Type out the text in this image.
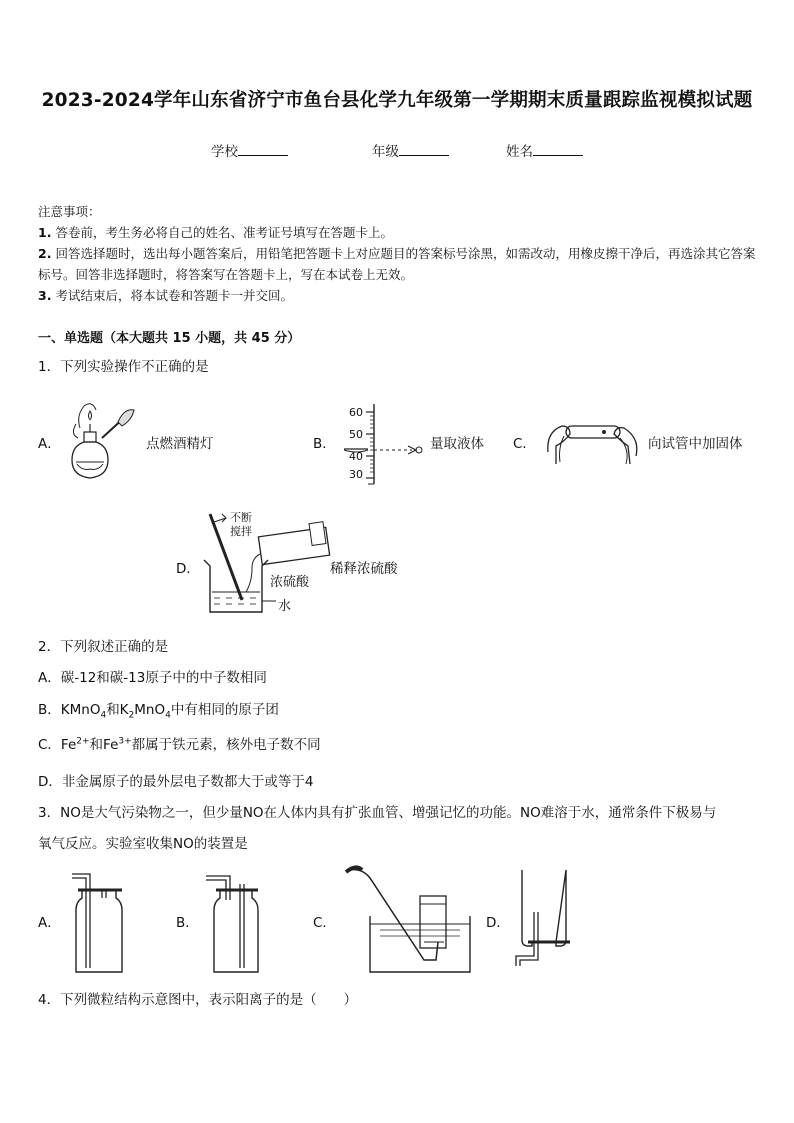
2023-2024学年山东省济宁市鱼台县化学九年级第一学期期末质量跟踪监视模拟试题
学校	年级	姓名
注意事项：
1. 答卷前，考生务必将自己的姓名、准考证号填写在答题卡上。
2. 回答选择题时，选出每小题答案后，用铅笔把答题卡上对应题目的答案标号涂黑，如需改动，用橡皮擦干净后，再选涂其它答案标号。回答非选择题时，将答案写在答题卡上，写在本试卷上无效。
3. 考试结束后，将本试卷和答题卡一并交回。
一、单选题（本大题共 15 小题，共 45 分）
1．下列实验操作不正确的是
A．	点燃酒精灯	B．
60
50
40
30
量取液体 C．	向试管中加固体
D．
不断搅拌
浓硫酸
水
稀释浓硫酸
2．下列叙述正确的是
A．碳-12和碳-13原子中的中子数相同
B．KMnO$_4$和$K_2MnO_4$中有相同的原子团
C．$Fe^{2+}$和$Fe^{3+}$都属于铁元素，核外电子数不同
D．非金属原子的最外层电子数都大于或等于4
3．NO是大气污染物之一，但少量NO在人体内具有扩张血管、增强记忆的功能。NO难溶于水，通常条件下极易与
氧气反应。实验室收集NO的装置是
A．	B．	C．	D．
4．下列微粒结构示意图中，表示阳离子的是（　　）
